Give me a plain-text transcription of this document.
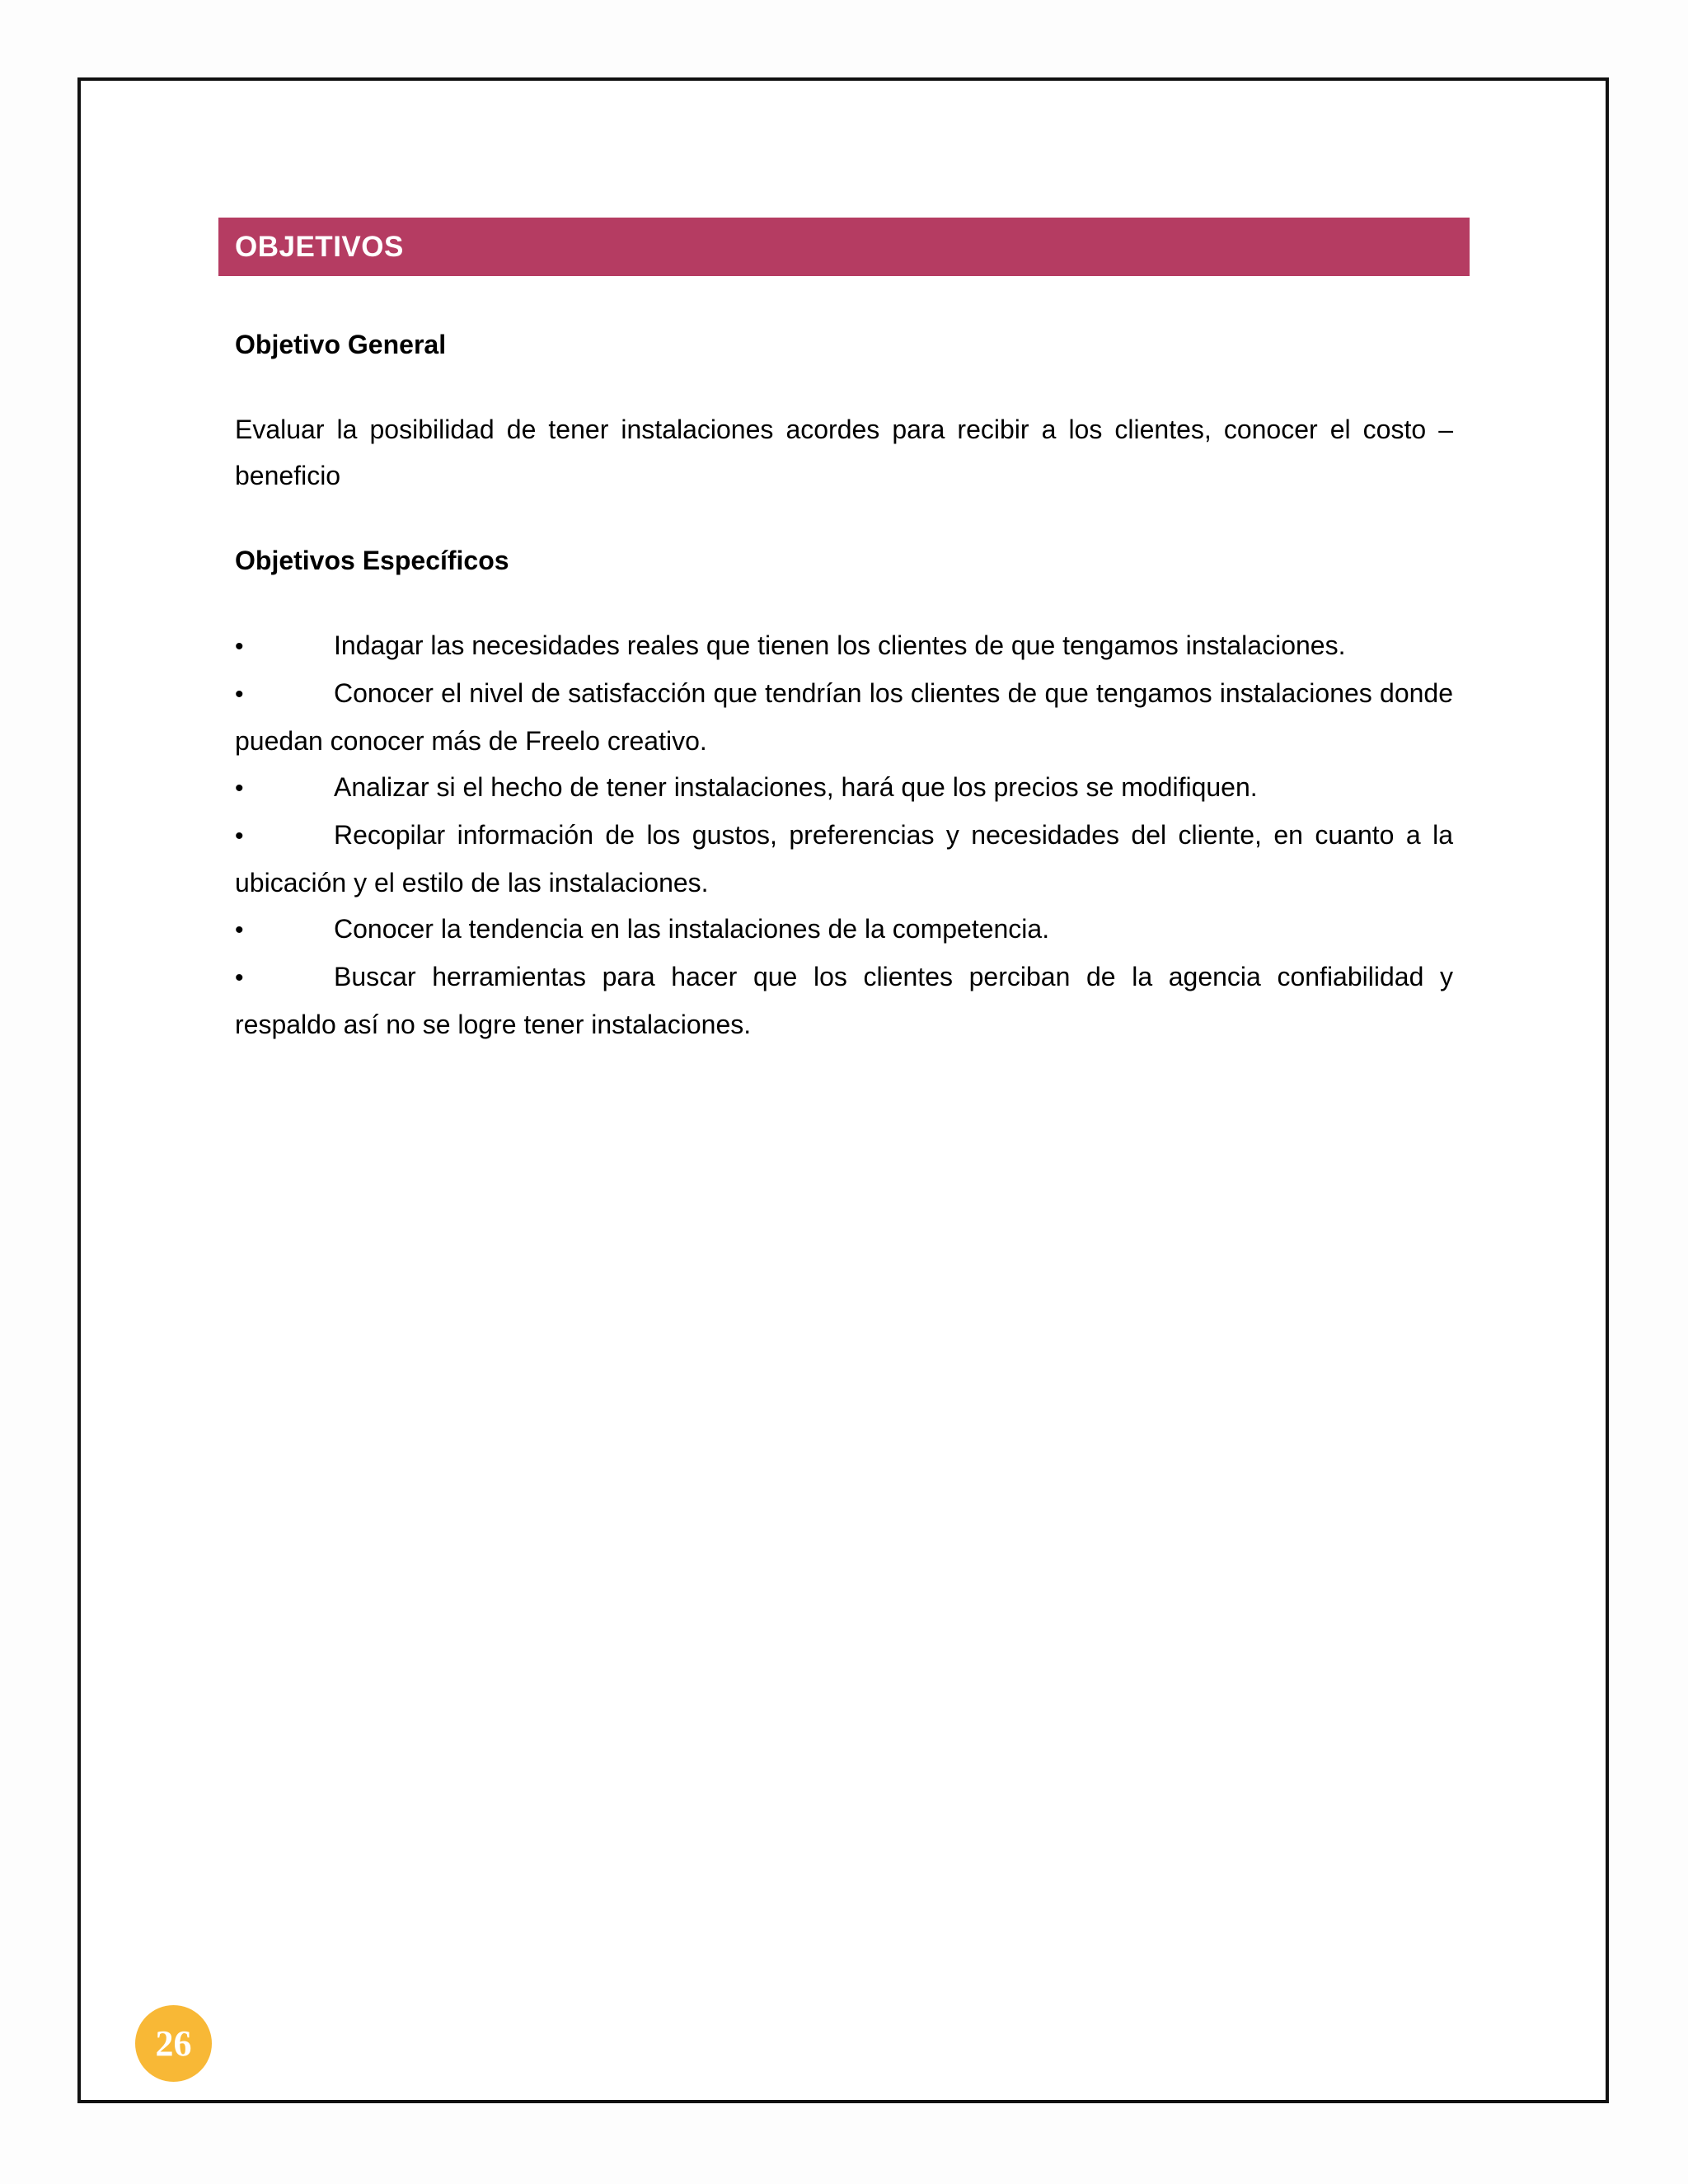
OBJETIVOS

Objetivo General

Evaluar la posibilidad de tener instalaciones acordes para recibir a los clientes, conocer el costo – beneficio

Objetivos Específicos

•	Indagar las necesidades reales que tienen los clientes de que tengamos instalaciones.
•	Conocer el nivel de satisfacción que tendrían los clientes de que tengamos instalaciones donde puedan conocer más de Freelo creativo.
•	Analizar si el hecho de tener instalaciones, hará que los precios se modifiquen.
•	Recopilar información de los gustos, preferencias y necesidades del cliente, en cuanto a la ubicación y el estilo de las instalaciones.
•	Conocer la tendencia en las instalaciones de la competencia.
•	Buscar herramientas para hacer que los clientes perciban de la agencia confiabilidad y respaldo así no se logre tener instalaciones.
26
